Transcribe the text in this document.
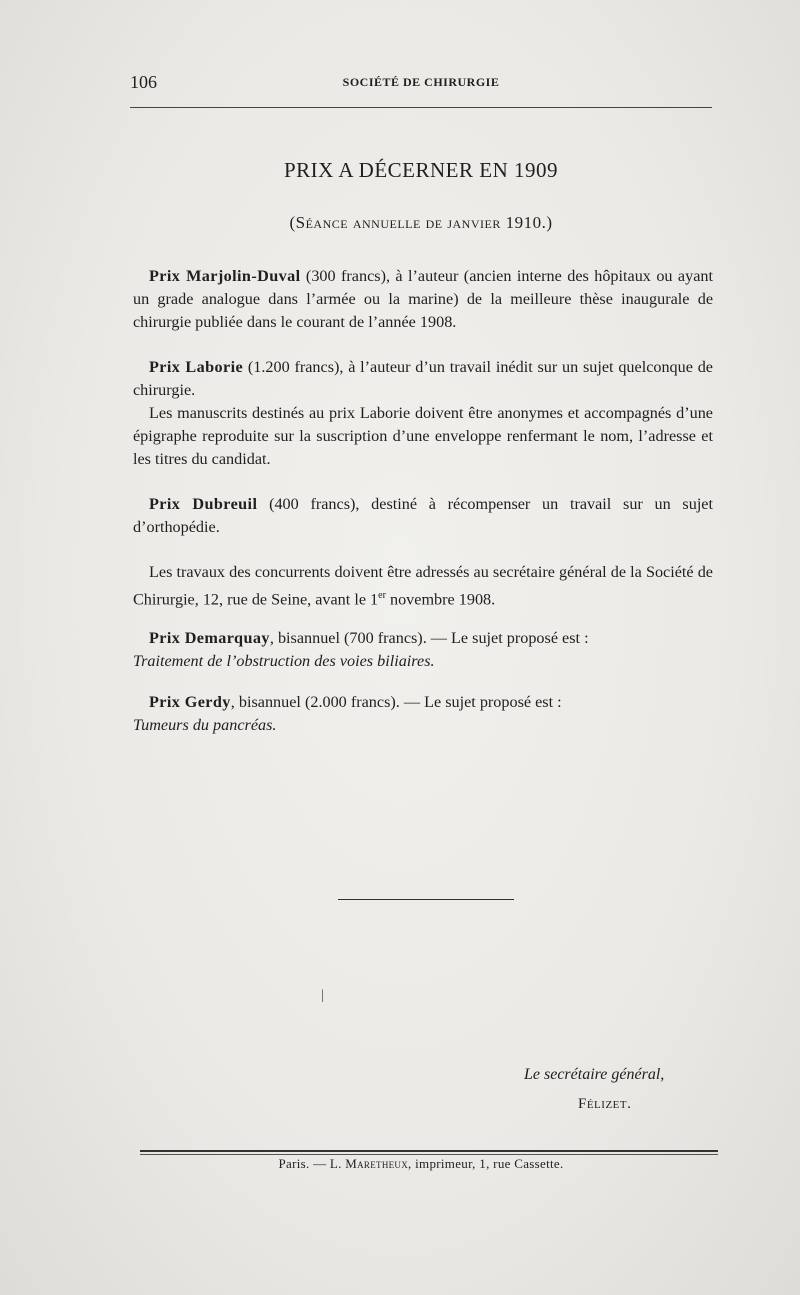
106	SOCIÉTÉ DE CHIRURGIE
PRIX A DÉCERNER EN 1909
(Séance annuelle de janvier 1910.)

Prix Marjolin-Duval (300 francs), à l’auteur (ancien interne des hôpitaux ou ayant un grade analogue dans l’armée ou la marine) de la meilleure thèse inaugurale de chirurgie publiée dans le courant de l’année 1908.

Prix Laborie (1.200 francs), à l’auteur d’un travail inédit sur un sujet quelconque de chirurgie.

Les manuscrits destinés au prix Laborie doivent être anonymes et accompagnés d’une épigraphe reproduite sur la suscription d’une enveloppe renfermant le nom, l’adresse et les titres du candidat.

Prix Dubreuil (400 francs), destiné à récompenser un travail sur un sujet d’orthopédie.

Les travaux des concurrents doivent être adressés au secrétaire général de la Société de Chirurgie, 12, rue de Seine, avant le 1er novembre 1908.

Prix Demarquay, bisannuel (700 francs). — Le sujet proposé est :
Traitement de l’obstruction des voies biliaires.

Prix Gerdy, bisannuel (2.000 francs). — Le sujet proposé est :
Tumeurs du pancréas.

|
Le secrétaire général,
Félizet.
Paris. — L. Maretheux, imprimeur, 1, rue Cassette.
